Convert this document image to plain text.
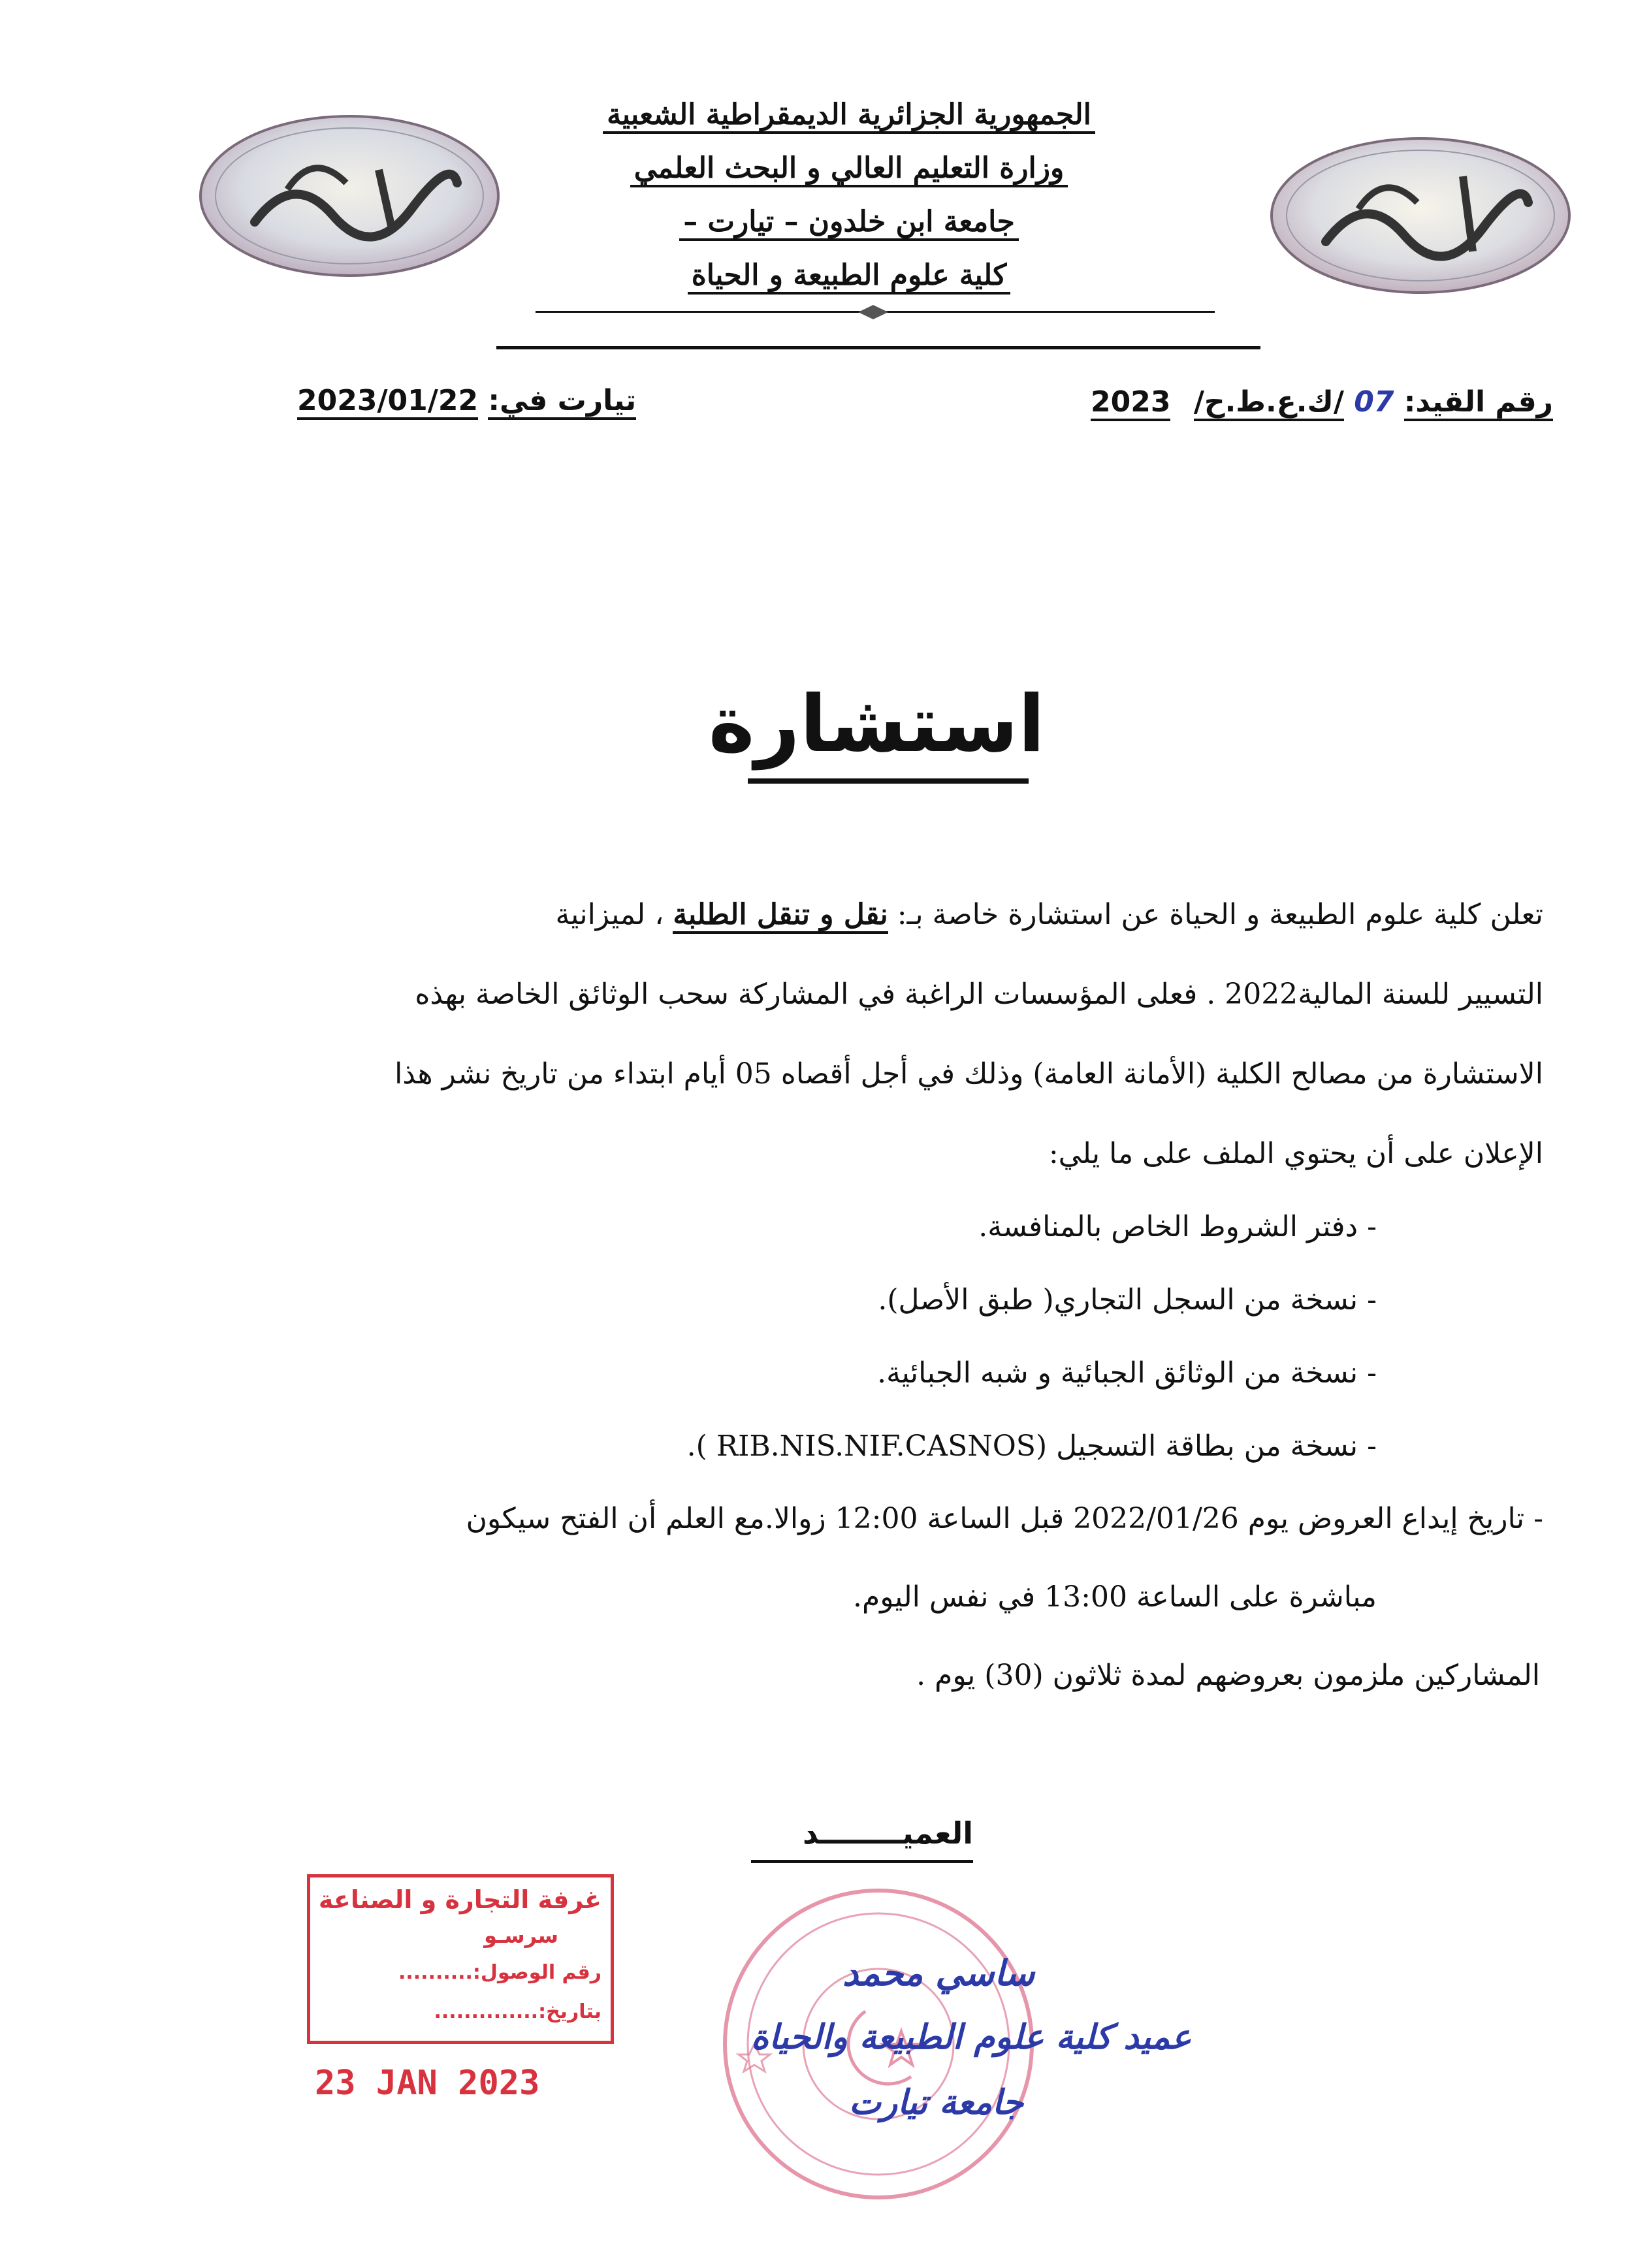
الجمهورية الجزائرية الديمقراطية الشعبية
وزارة التعليم العالي و البحث العلمي
جامعة ابن خلدون – تيارت –
كلية علوم الطبيعة و الحياة
رقم القيد: 07 /ك.ع.ط.ح/ 2023
تيارت في: 2023/01/22
استشارة
تعلن كلية علوم الطبيعة و الحياة عن استشارة خاصة بـ: نقل و تنقل الطلبة ، لميزانية
التسيير للسنة المالية2022 . فعلى المؤسسات الراغبة في المشاركة سحب الوثائق الخاصة بهذه
الاستشارة من مصالح الكلية (الأمانة العامة) وذلك في أجل أقصاه 05 أيام ابتداء من تاريخ نشر هذا
الإعلان على أن يحتوي الملف على ما يلي:
- دفتر الشروط الخاص بالمنافسة.
- نسخة من السجل التجاري( طبق الأصل).
- نسخة من الوثائق الجبائية و شبه الجبائية.
- نسخة من بطاقة التسجيل (RIB.NIS.NIF.CASNOS ).
- تاريخ إيداع العروض يوم 2022/01/26 قبل الساعة 12:00 زوالا.مع العلم أن الفتح سيكون
مباشرة على الساعة 13:00 في نفس اليوم.
المشاركين ملزمون بعروضهم لمدة ثلاثون (30) يوم .
العميــــــــد
غرفة التجارة و الصناعة
سرسـو
رقم الوصول:..........
بتاريخ:..............
23 JAN 2023
ساسي محمد
عميد كلية علوم الطبيعة والحياة
جامعة تيارت
